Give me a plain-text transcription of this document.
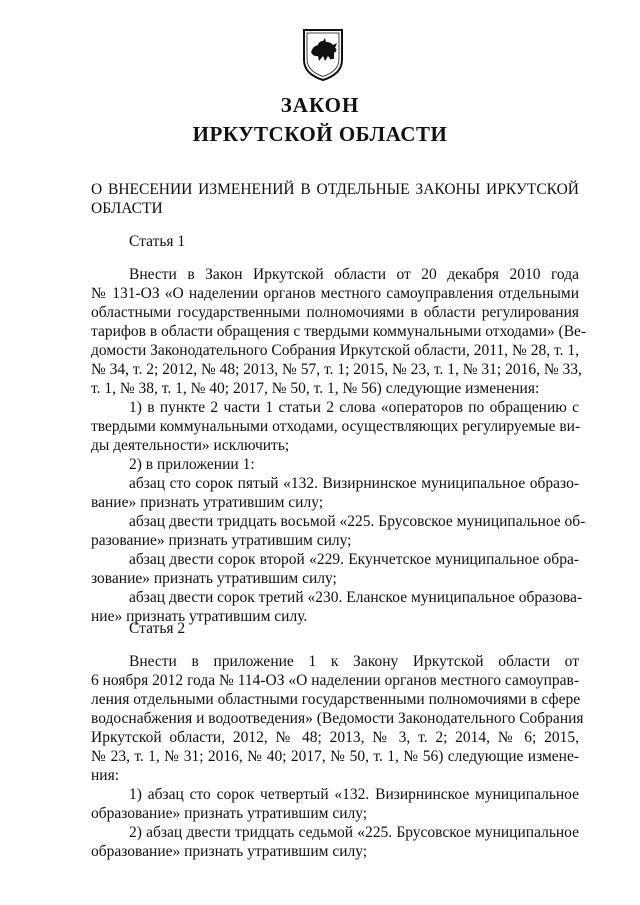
ЗАКОН
ИРКУТСКОЙ ОБЛАСТИ
О ВНЕСЕНИИ ИЗМЕНЕНИЙ В ОТДЕЛЬНЫЕ ЗАКОНЫ ИРКУТСКОЙ ОБЛАСТИ
Статья 1
Внести в Закон Иркутской области от 20 декабря 2010 года
№ 131-ОЗ «О наделении органов местного самоуправления отдельными
областными государственными полномочиями в области регулирования
тарифов в области обращения с твердыми коммунальными отходами» (Ве-
домости Законодательного Собрания Иркутской области, 2011, № 28, т. 1,
№ 34, т. 2; 2012, № 48; 2013, № 57, т. 1; 2015, № 23, т. 1, № 31; 2016, № 33,
т. 1, № 38, т. 1, № 40; 2017, № 50, т. 1, № 56) следующие изменения:
1) в пункте 2 части 1 статьи 2 слова «операторов по обращению с
твердыми коммунальными отходами, осуществляющих регулируемые ви-
ды деятельности» исключить;
2) в приложении 1:
абзац сто сорок пятый «132. Визирнинское муниципальное образо-
вание» признать утратившим силу;
абзац двести тридцать восьмой «225. Брусовское муниципальное об-
разование» признать утратившим силу;
абзац двести сорок второй «229. Екунчетское муниципальное обра-
зование» признать утратившим силу;
абзац двести сорок третий «230. Еланское муниципальное образова-
ние» признать утратившим силу.
Статья 2
Внести в приложение 1 к Закону Иркутской области от
6 ноября 2012 года № 114-ОЗ «О наделении органов местного самоуправ-
ления отдельными областными государственными полномочиями в сфере
водоснабжения и водоотведения» (Ведомости Законодательного Собрания
Иркутской области, 2012, № 48; 2013, № 3, т. 2; 2014, № 6; 2015,
№ 23, т. 1, № 31; 2016, № 40; 2017, № 50, т. 1, № 56) следующие измене-
ния:
1) абзац сто сорок четвертый «132. Визирнинское муниципальное
образование» признать утратившим силу;
2) абзац двести тридцать седьмой «225. Брусовское муниципальное
образование» признать утратившим силу;
